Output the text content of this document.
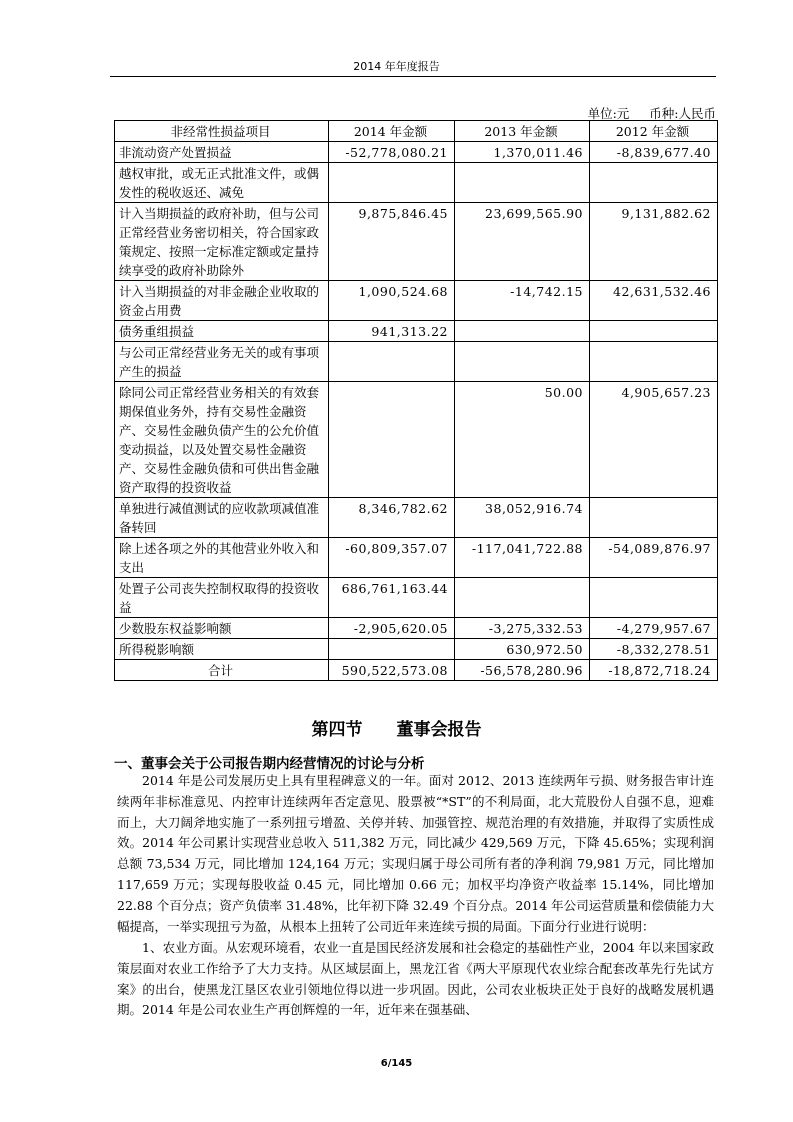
2014 年年度报告
单位:元 币种:人民币
非经常性损益项目	2014 年金额	2013 年金额	2012 年金额
非流动资产处置损益	-52,778,080.21	1,370,011.46	-8,839,677.40
越权审批，或无正式批准文件，或偶发性的税收返还、减免			
计入当期损益的政府补助，但与公司正常经营业务密切相关，符合国家政策规定、按照一定标准定额或定量持续享受的政府补助除外	9,875,846.45	23,699,565.90	9,131,882.62
计入当期损益的对非金融企业收取的资金占用费	1,090,524.68	-14,742.15	42,631,532.46
债务重组损益	941,313.22		
与公司正常经营业务无关的或有事项产生的损益			
除同公司正常经营业务相关的有效套期保值业务外，持有交易性金融资产、交易性金融负债产生的公允价值变动损益，以及处置交易性金融资产、交易性金融负债和可供出售金融资产取得的投资收益		50.00	4,905,657.23
单独进行减值测试的应收款项减值准备转回	8,346,782.62	38,052,916.74	
除上述各项之外的其他营业外收入和支出	-60,809,357.07	-117,041,722.88	-54,089,876.97
处置子公司丧失控制权取得的投资收益	686,761,163.44		
少数股东权益影响额	-2,905,620.05	-3,275,332.53	-4,279,957.67
所得税影响额		630,972.50	-8,332,278.51
合计	590,522,573.08	-56,578,280.96	-18,872,718.24
第四节 董事会报告
一、董事会关于公司报告期内经营情况的讨论与分析

2014 年是公司发展历史上具有里程碑意义的一年。面对 2012、2013 连续两年亏损、财务报告审计连续两年非标准意见、内控审计连续两年否定意见、股票被“*ST”的不利局面，北大荒股份人自强不息，迎难而上，大刀阔斧地实施了一系列扭亏增盈、关停并转、加强管控、规范治理的有效措施，并取得了实质性成效。2014 年公司累计实现营业总收入 511,382 万元，同比减少 429,569 万元，下降 45.65%；实现利润总额 73,534 万元，同比增加 124,164 万元；实现归属于母公司所有者的净利润 79,981 万元，同比增加 117,659 万元；实现每股收益 0.45 元，同比增加 0.66 元；加权平均净资产收益率 15.14%，同比增加 22.88 个百分点；资产负债率 31.48%，比年初下降 32.49 个百分点。2014 年公司运营质量和偿债能力大幅提高，一举实现扭亏为盈，从根本上扭转了公司近年来连续亏损的局面。下面分行业进行说明：

1、农业方面。从宏观环境看，农业一直是国民经济发展和社会稳定的基础性产业，2004 年以来国家政策层面对农业工作给予了大力支持。从区域层面上，黑龙江省《两大平原现代农业综合配套改革先行先试方案》的出台，使黑龙江垦区农业引领地位得以进一步巩固。因此，公司农业板块正处于良好的战略发展机遇期。2014 年是公司农业生产再创辉煌的一年，近年来在强基础、

6/145
